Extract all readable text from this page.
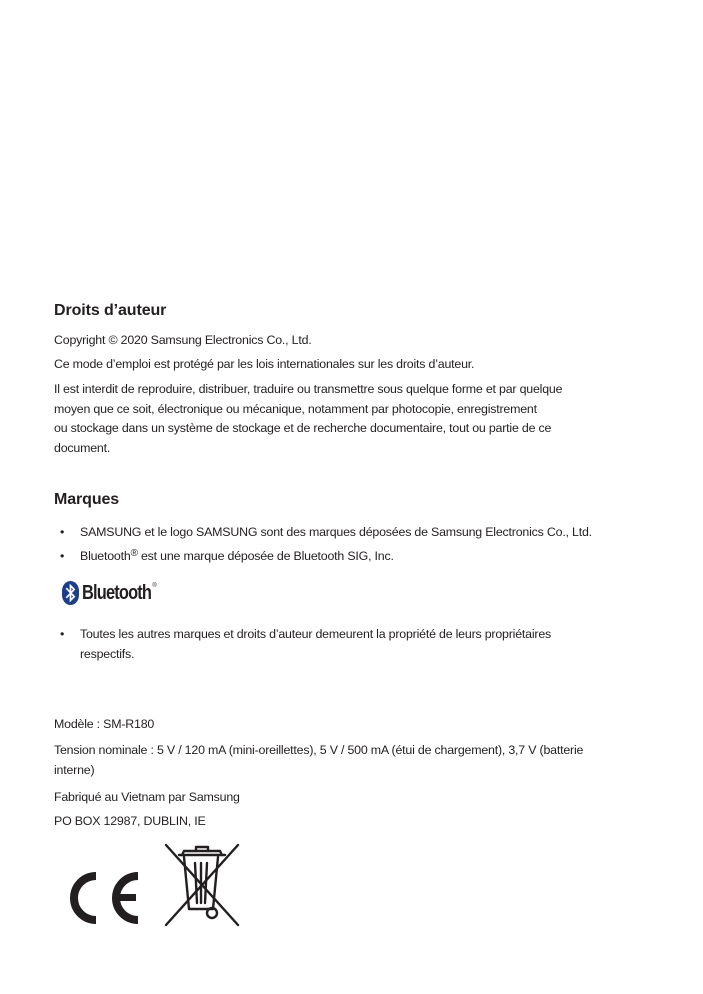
Droits d’auteur

Copyright © 2020 Samsung Electronics Co., Ltd.

Ce mode d’emploi est protégé par les lois internationales sur les droits d’auteur.

Il est interdit de reproduire, distribuer, traduire ou transmettre sous quelque forme et par quelque

moyen que ce soit, électronique ou mécanique, notamment par photocopie, enregistrement

ou stockage dans un système de stockage et de recherche documentaire, tout ou partie de ce

document.

Marques
• SAMSUNG et le logo SAMSUNG sont des marques déposées de Samsung Electronics Co., Ltd.
• Bluetooth® est une marque déposée de Bluetooth SIG, Inc.
Bluetooth ®
• Toutes les autres marques et droits d’auteur demeurent la propriété de leurs propriétaires
respectifs.

Modèle : SM-R180

Tension nominale : 5 V / 120 mA (mini-oreillettes), 5 V / 500 mA (étui de chargement), 3,7 V (batterie

interne)

Fabriqué au Vietnam par Samsung

PO BOX 12987, DUBLIN, IE
